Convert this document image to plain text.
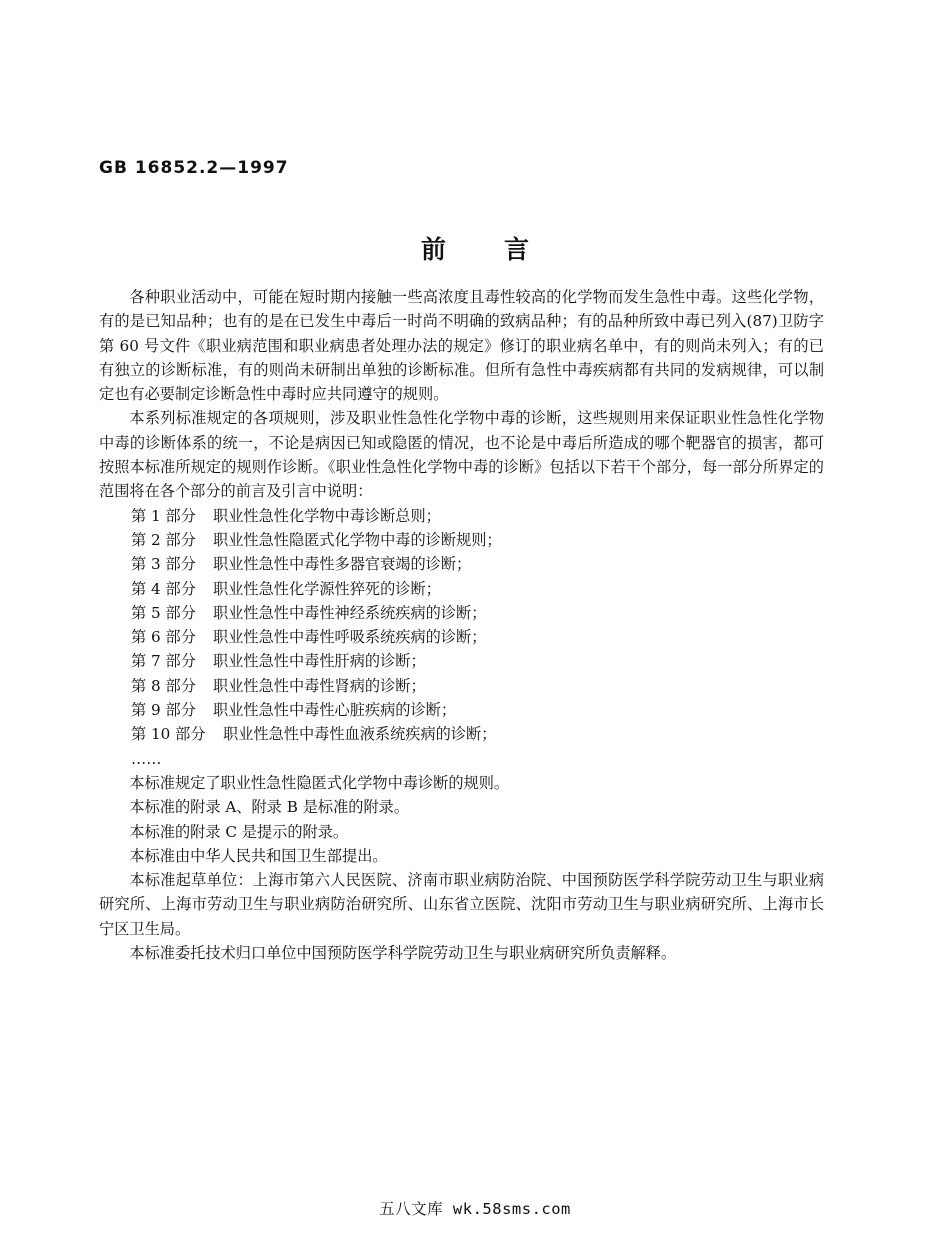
GB 16852.2—1997
前言

各种职业活动中，可能在短时期内接触一些高浓度且毒性较高的化学物而发生急性中毒。这些化学物，有的是已知品种；也有的是在已发生中毒后一时尚不明确的致病品种；有的品种所致中毒已列入(87)卫防字第 60 号文件《职业病范围和职业病患者处理办法的规定》修订的职业病名单中，有的则尚未列入；有的已有独立的诊断标准，有的则尚未研制出单独的诊断标准。但所有急性中毒疾病都有共同的发病规律，可以制定也有必要制定诊断急性中毒时应共同遵守的规则。

本系列标准规定的各项规则，涉及职业性急性化学物中毒的诊断，这些规则用来保证职业性急性化学物中毒的诊断体系的统一，不论是病因已知或隐匿的情况，也不论是中毒后所造成的哪个靶器官的损害，都可按照本标准所规定的规则作诊断。《职业性急性化学物中毒的诊断》包括以下若干个部分，每一部分所界定的范围将在各个部分的前言及引言中说明：

第 1 部分 职业性急性化学物中毒诊断总则；

第 2 部分 职业性急性隐匿式化学物中毒的诊断规则；

第 3 部分 职业性急性中毒性多器官衰竭的诊断；

第 4 部分 职业性急性化学源性猝死的诊断；

第 5 部分 职业性急性中毒性神经系统疾病的诊断；

第 6 部分 职业性急性中毒性呼吸系统疾病的诊断；

第 7 部分 职业性急性中毒性肝病的诊断；

第 8 部分 职业性急性中毒性肾病的诊断；

第 9 部分 职业性急性中毒性心脏疾病的诊断；

第 10 部分 职业性急性中毒性血液系统疾病的诊断；

……

本标准规定了职业性急性隐匿式化学物中毒诊断的规则。

本标准的附录 A、附录 B 是标准的附录。

本标准的附录 C 是提示的附录。

本标准由中华人民共和国卫生部提出。

本标准起草单位：上海市第六人民医院、济南市职业病防治院、中国预防医学科学院劳动卫生与职业病研究所、上海市劳动卫生与职业病防治研究所、山东省立医院、沈阳市劳动卫生与职业病研究所、上海市长宁区卫生局。

本标准委托技术归口单位中国预防医学科学院劳动卫生与职业病研究所负责解释。

五八文库 wk.58sms.com
